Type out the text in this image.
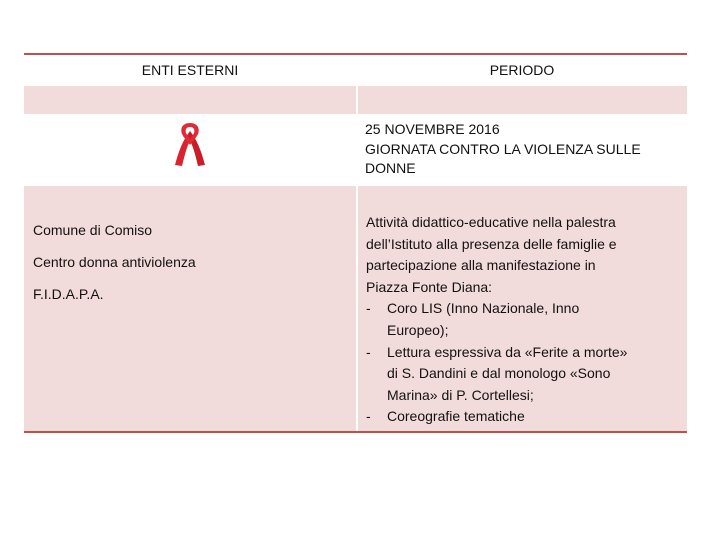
ENTI ESTERNI	PERIODO
25 NOVEMBRE 2016
GIORNATA CONTRO LA VIOLENZA SULLE
DONNE
Comune di Comiso
Centro donna antiviolenza
F.I.D.A.P.A.
Attività didattico-educative nella palestra
dell’Istituto alla presenza delle famiglie e
partecipazione alla manifestazione in
Piazza Fonte Diana:
- Coro LIS (Inno Nazionale, Inno
Europeo);
- Lettura espressiva da «Ferite a morte»
di S. Dandini e dal monologo «Sono
Marina» di P. Cortellesi;
- Coreografie tematiche
